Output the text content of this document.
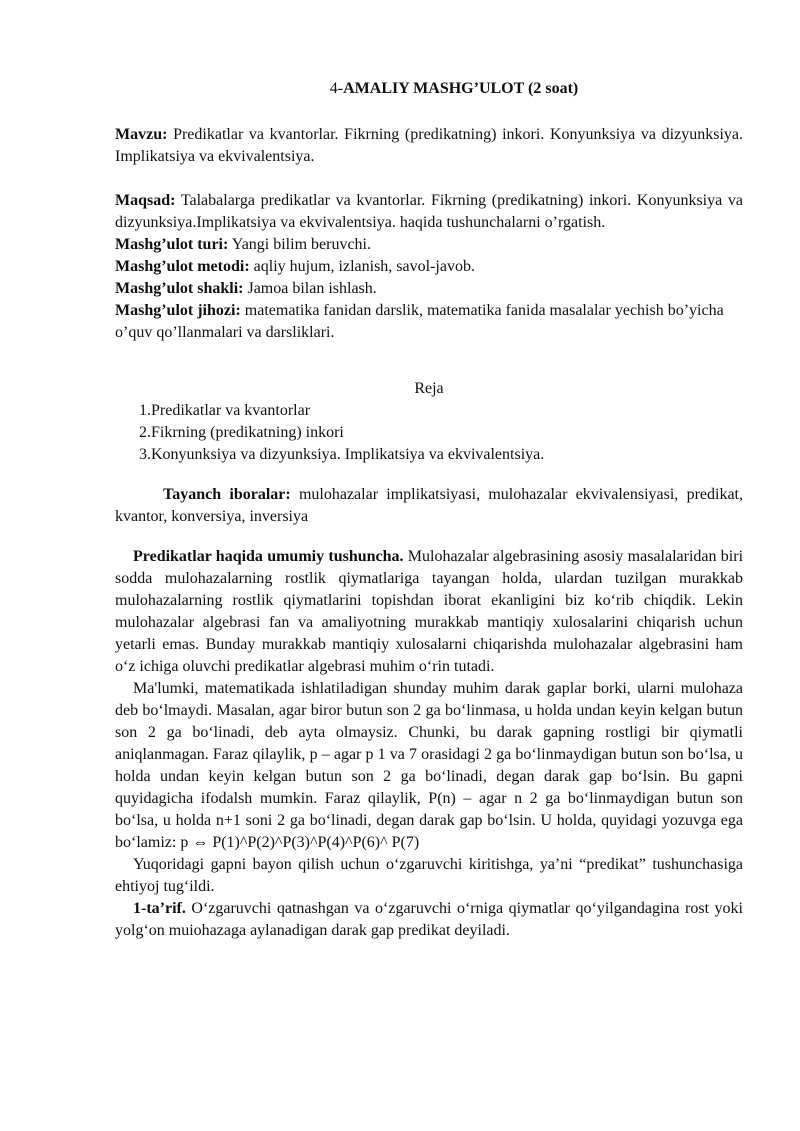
4-AMALIY MASHG’ULOT (2 soat)

Mavzu: Predikatlar va kvantorlar. Fikrning (predikatning) inkori. Konyunksiya va dizyunksiya. Implikatsiya va ekvivalentsiya.

Maqsad: Talabalarga predikatlar va kvantorlar. Fikrning (predikatning) inkori. Konyunksiya va dizyunksiya.Implikatsiya va ekvivalentsiya. haqida tushunchalarni o’rgatish.

Mashg’ulot turi: Yangi bilim beruvchi.

Mashg’ulot metodi: aqliy hujum, izlanish, savol-javob.

Mashg’ulot shakli: Jamoa bilan ishlash.

Mashg’ulot jihozi: matematika fanidan darslik, matematika fanida masalalar yechish bo’yicha o’quv qo’llanmalari va darsliklari.

Reja

1.Predikatlar va kvantorlar

2.Fikrning (predikatning) inkori

3.Konyunksiya va dizyunksiya. Implikatsiya va ekvivalentsiya.

Tayanch iboralar: mulohazalar implikatsiyasi, mulohazalar ekvivalensiyasi, predikat, kvantor, konversiya, inversiya

Predikatlar haqida umumiy tushuncha. Mulohazalar algebrasining asosiy masalalaridan biri sodda mulohazalarning rostlik qiymatlariga tayangan holda, ulardan tuzilgan murakkab mulohazalarning rostlik qiymatlarini topishdan iborat ekanligini biz ko‘rib chiqdik. Lekin mulohazalar algebrasi fan va amaliyotning murakkab mantiqiy xulosalarini chiqarish uchun yetarli emas. Bunday murakkab mantiqiy xulosalarni chiqarishda mulohazalar algebrasini ham o‘z ichiga oluvchi predikatlar algebrasi muhim o‘rin tutadi.

Ma'lumki, matematikada ishlatiladigan shunday muhim darak gaplar borki, ularni mulohaza deb bo‘lmaydi. Masalan, agar biror butun son 2 ga bo‘linmasa, u holda undan keyin kelgan butun son 2 ga bo‘linadi, deb ayta olmaysiz. Chunki, bu darak gapning rostligi bir qiymatli aniqlanmagan. Faraz qilaylik, p – agar p 1 va 7 orasidagi 2 ga bo‘linmaydigan butun son bo‘lsa, u holda undan keyin kelgan butun son 2 ga bo‘linadi, degan darak gap bo‘lsin. Bu gapni quyidagicha ifodalsh mumkin. Faraz qilaylik, P(n) – agar n 2 ga bo‘linmaydigan butun son bo‘lsa, u holda n+1 soni 2 ga bo‘linadi, degan darak gap bo‘lsin. U holda, quyidagi yozuvga ega bo‘lamiz: p ⇔ P(1)^P(2)^P(3)^P(4)^P(6)^ P(7)

Yuqoridagi gapni bayon qilish uchun o‘zgaruvchi kiritishga, ya’ni “predikat” tushunchasiga ehtiyoj tug‘ildi.

1-ta’rif. O‘zgaruvchi qatnashgan va o‘zgaruvchi o‘rniga qiymatlar qo‘yilgandagina rost yoki yolg‘on muiohazaga aylanadigan darak gap predikat deyiladi.
